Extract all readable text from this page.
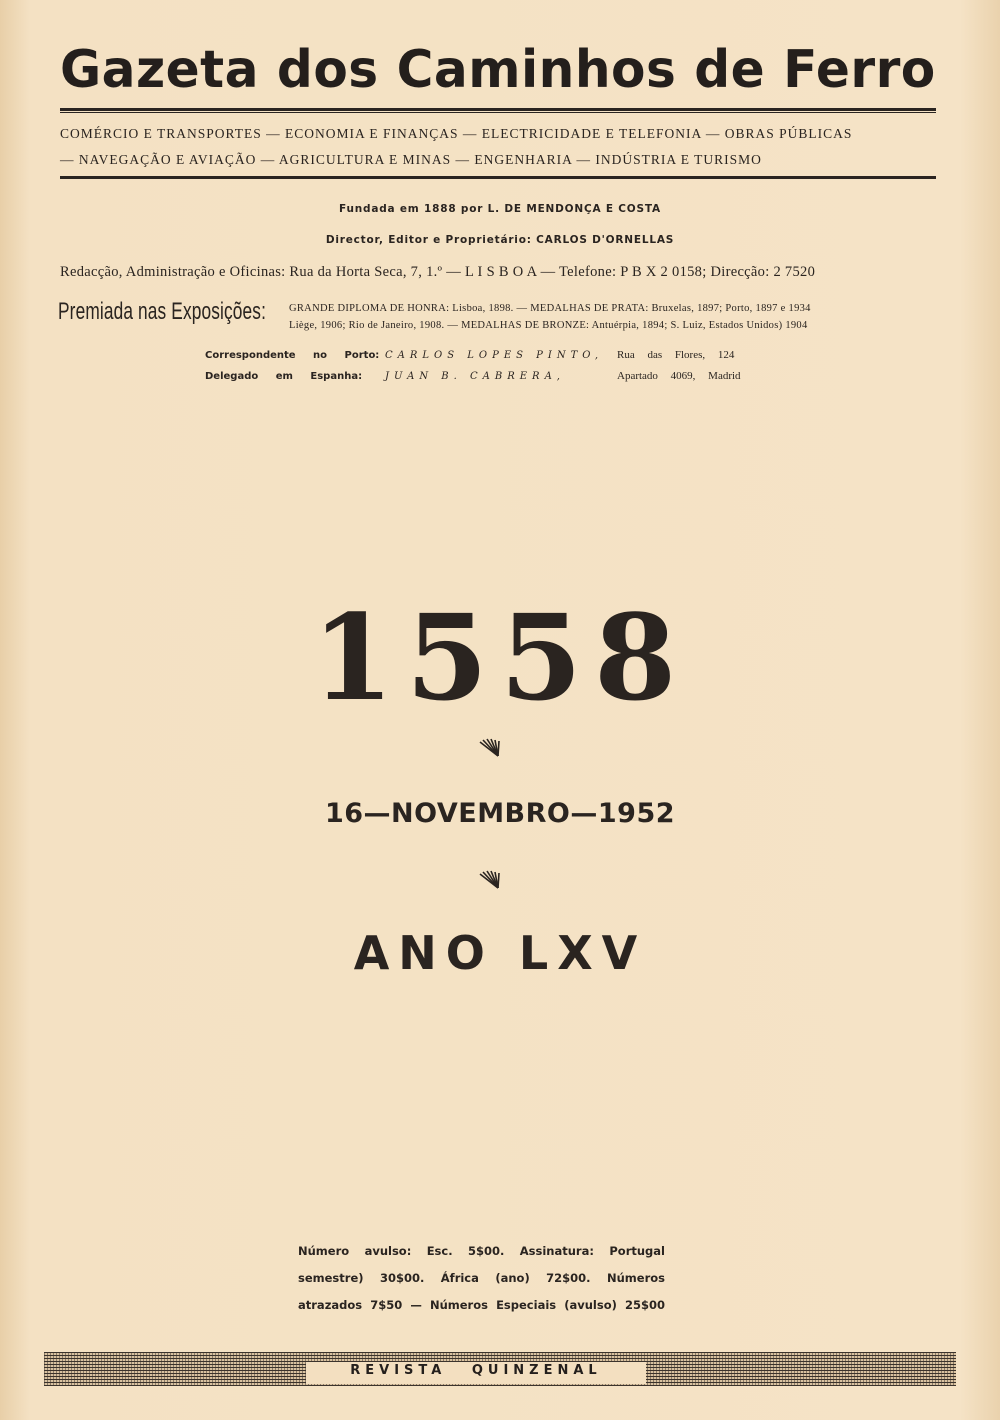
Gazeta dos Caminhos de Ferro
COMÉRCIO E TRANSPORTES — ECONOMIA E FINANÇAS — ELECTRICIDADE E TELEFONIA — OBRAS PÚBLICAS
— NAVEGAÇÃO E AVIAÇÃO — AGRICULTURA E MINAS — ENGENHARIA — INDÚSTRIA E TURISMO
Fundada em 1888 por L. DE MENDONÇA E COSTA
Director, Editor e Proprietário: CARLOS D'ORNELLAS
Redacção, Administração e Oficinas: Rua da Horta Seca, 7, 1.º — L I S B O A — Telefone: P B X 2 0158; Direcção: 2 7520
Premiada nas Exposições: GRANDE DIPLOMA DE HONRA: Lisboa, 1898. — MEDALHAS DE PRATA: Bruxelas, 1897; Porto, 1897 e 1934
Liège, 1906; Rio de Janeiro, 1908. — MEDALHAS DE BRONZE: Antuérpia, 1894; S. Luiz, Estados Unidos) 1904
Correspondente no Porto: CARLOS LOPES PINTO, Rua das Flores, 124
Delegado em Espanha: JUAN B. CABRERA,	Apartado 4069, Madrid
1558
16—NOVEMBRO—1952
ANO LXV
Número avulso: Esc. 5$00. Assinatura: Portugal
semestre) 30$00. África (ano) 72$00. Números
atrazados 7$50 — Números Especiais (avulso) 25$00
REVISTA QUINZENAL
